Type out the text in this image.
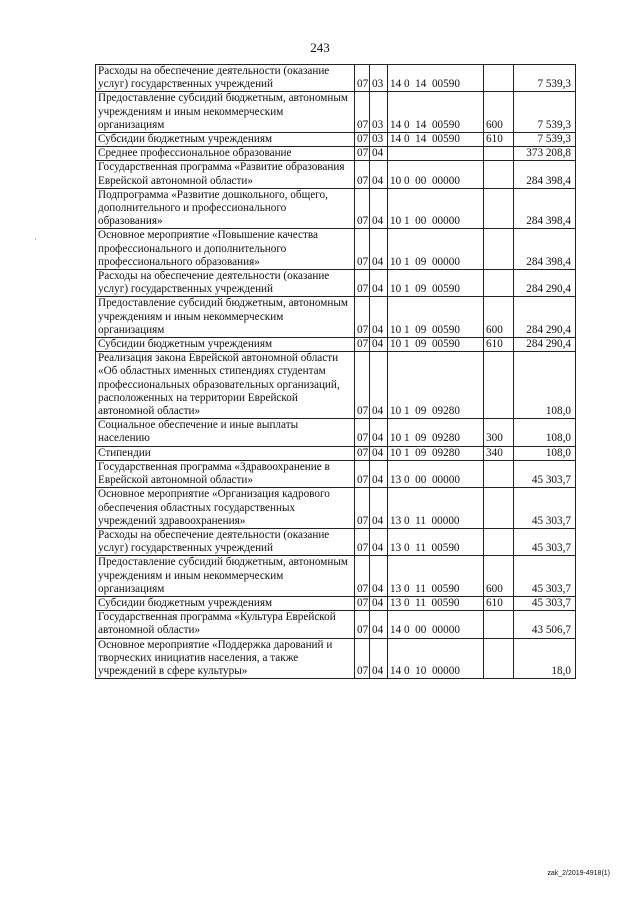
243
·
Расходы на обеспечение деятельности (оказание услуг) государственных учреждений	07	03	14 0  14  00590		7 539,3
Предоставление субсидий бюджетным, автономным учреждениям и иным некоммерческим организациям	07	03	14 0  14  00590	600	7 539,3
Субсидии бюджетным учреждениям	07	03	14 0  14  00590	610	7 539,3
Среднее профессиональное образование	07	04			373 208,8
Государственная программа «Развитие образования Еврейской автономной области»	07	04	10 0  00  00000		284 398,4
Подпрограмма «Развитие дошкольного, общего, дополнительного и профессионального образования»	07	04	10 1  00  00000		284 398,4
Основное мероприятие «Повышение качества профессионального и дополнительного профессионального образования»	07	04	10 1  09  00000		284 398,4
Расходы на обеспечение деятельности (оказание услуг) государственных учреждений	07	04	10 1  09  00590		284 290,4
Предоставление субсидий бюджетным, автономным учреждениям и иным некоммерческим организациям	07	04	10 1  09  00590	600	284 290,4
Субсидии бюджетным учреждениям	07	04	10 1  09  00590	610	284 290,4
Реализация закона Еврейской автономной области «Об областных именных стипендиях студентам профессиональных образовательных организаций, расположенных на территории Еврейской автономной области»	07	04	10 1  09  09280		108,0
Социальное обеспечение и иные выплаты населению	07	04	10 1  09  09280	300	108,0
Стипендии	07	04	10 1  09  09280	340	108,0
Государственная программа «Здравоохранение в Еврейской автономной области»	07	04	13 0  00  00000		45 303,7
Основное мероприятие «Организация кадрового обеспечения областных государственных учреждений здравоохранения»	07	04	13 0  11  00000		45 303,7
Расходы на обеспечение деятельности (оказание услуг) государственных учреждений	07	04	13 0  11  00590		45 303,7
Предоставление субсидий бюджетным, автономным учреждениям и иным некоммерческим организациям	07	04	13 0  11  00590	600	45 303,7
Субсидии бюджетным учреждениям	07	04	13 0  11  00590	610	45 303,7
Государственная программа «Культура Еврейской автономной области»	07	04	14 0  00  00000		43 506,7
Основное мероприятие «Поддержка дарований и творческих инициатив населения, а также учреждений в сфере культуры»	07	04	14 0  10  00000		18,0
zak_2/2019-4918(1)
